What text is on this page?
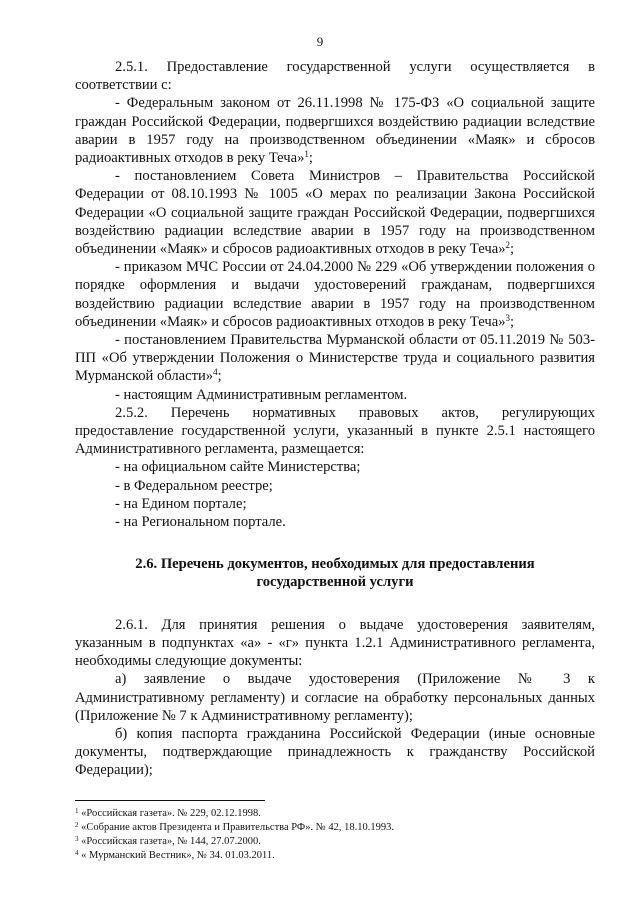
9

2.5.1. Предоставление государственной услуги осуществляется в соответствии с:

- Федеральным законом от 26.11.1998 № 175-ФЗ «О социальной защите граждан Российской Федерации, подвергшихся воздействию радиации вследствие аварии в 1957 году на производственном объединении «Маяк» и сбросов радиоактивных отходов в реку Теча»$^1$;

- постановлением Совета Министров – Правительства Российской Федерации от 08.10.1993 № 1005 «О мерах по реализации Закона Российской Федерации «О социальной защите граждан Российской Федерации, подвергшихся воздействию радиации вследствие аварии в 1957 году на производственном объединении «Маяк» и сбросов радиоактивных отходов в реку Теча»$^2$;

- приказом МЧС России от 24.04.2000 № 229 «Об утверждении положения о порядке оформления и выдачи удостоверений гражданам, подвергшихся воздействию радиации вследствие аварии в 1957 году на производственном объединении «Маяк» и сбросов радиоактивных отходов в реку Теча»$^3$;

- постановлением Правительства Мурманской области от 05.11.2019 № 503-ПП «Об утверждении Положения о Министерстве труда и социального развития Мурманской области»$^4$;

- настоящим Административным регламентом.

2.5.2. Перечень нормативных правовых актов, регулирующих предоставление государственной услуги, указанный в пункте 2.5.1 настоящего Административного регламента, размещается:

- на официальном сайте Министерства;

- в Федеральном реестре;

- на Едином портале;

- на Региональном портале.

2.6. Перечень документов, необходимых для предоставления государственной услуги

2.6.1. Для принятия решения о выдаче удостоверения заявителям, указанным в подпунктах «а» - «г» пункта 1.2.1 Административного регламента, необходимы следующие документы:

а) заявление о выдаче удостоверения (Приложение № 3 к Административному регламенту) и согласие на обработку персональных данных (Приложение № 7 к Административному регламенту);

б) копия паспорта гражданина Российской Федерации (иные основные документы, подтверждающие принадлежность к гражданству Российской Федерации);

$^1$ «Российская газета». № 229, 02.12.1998.

$^2$ «Собрание актов Президента и Правительства РФ». № 42, 18.10.1993.

$^3$ «Российская газета», № 144, 27.07.2000.

$^4$ « Мурманский Вестник», № 34. 01.03.2011.
